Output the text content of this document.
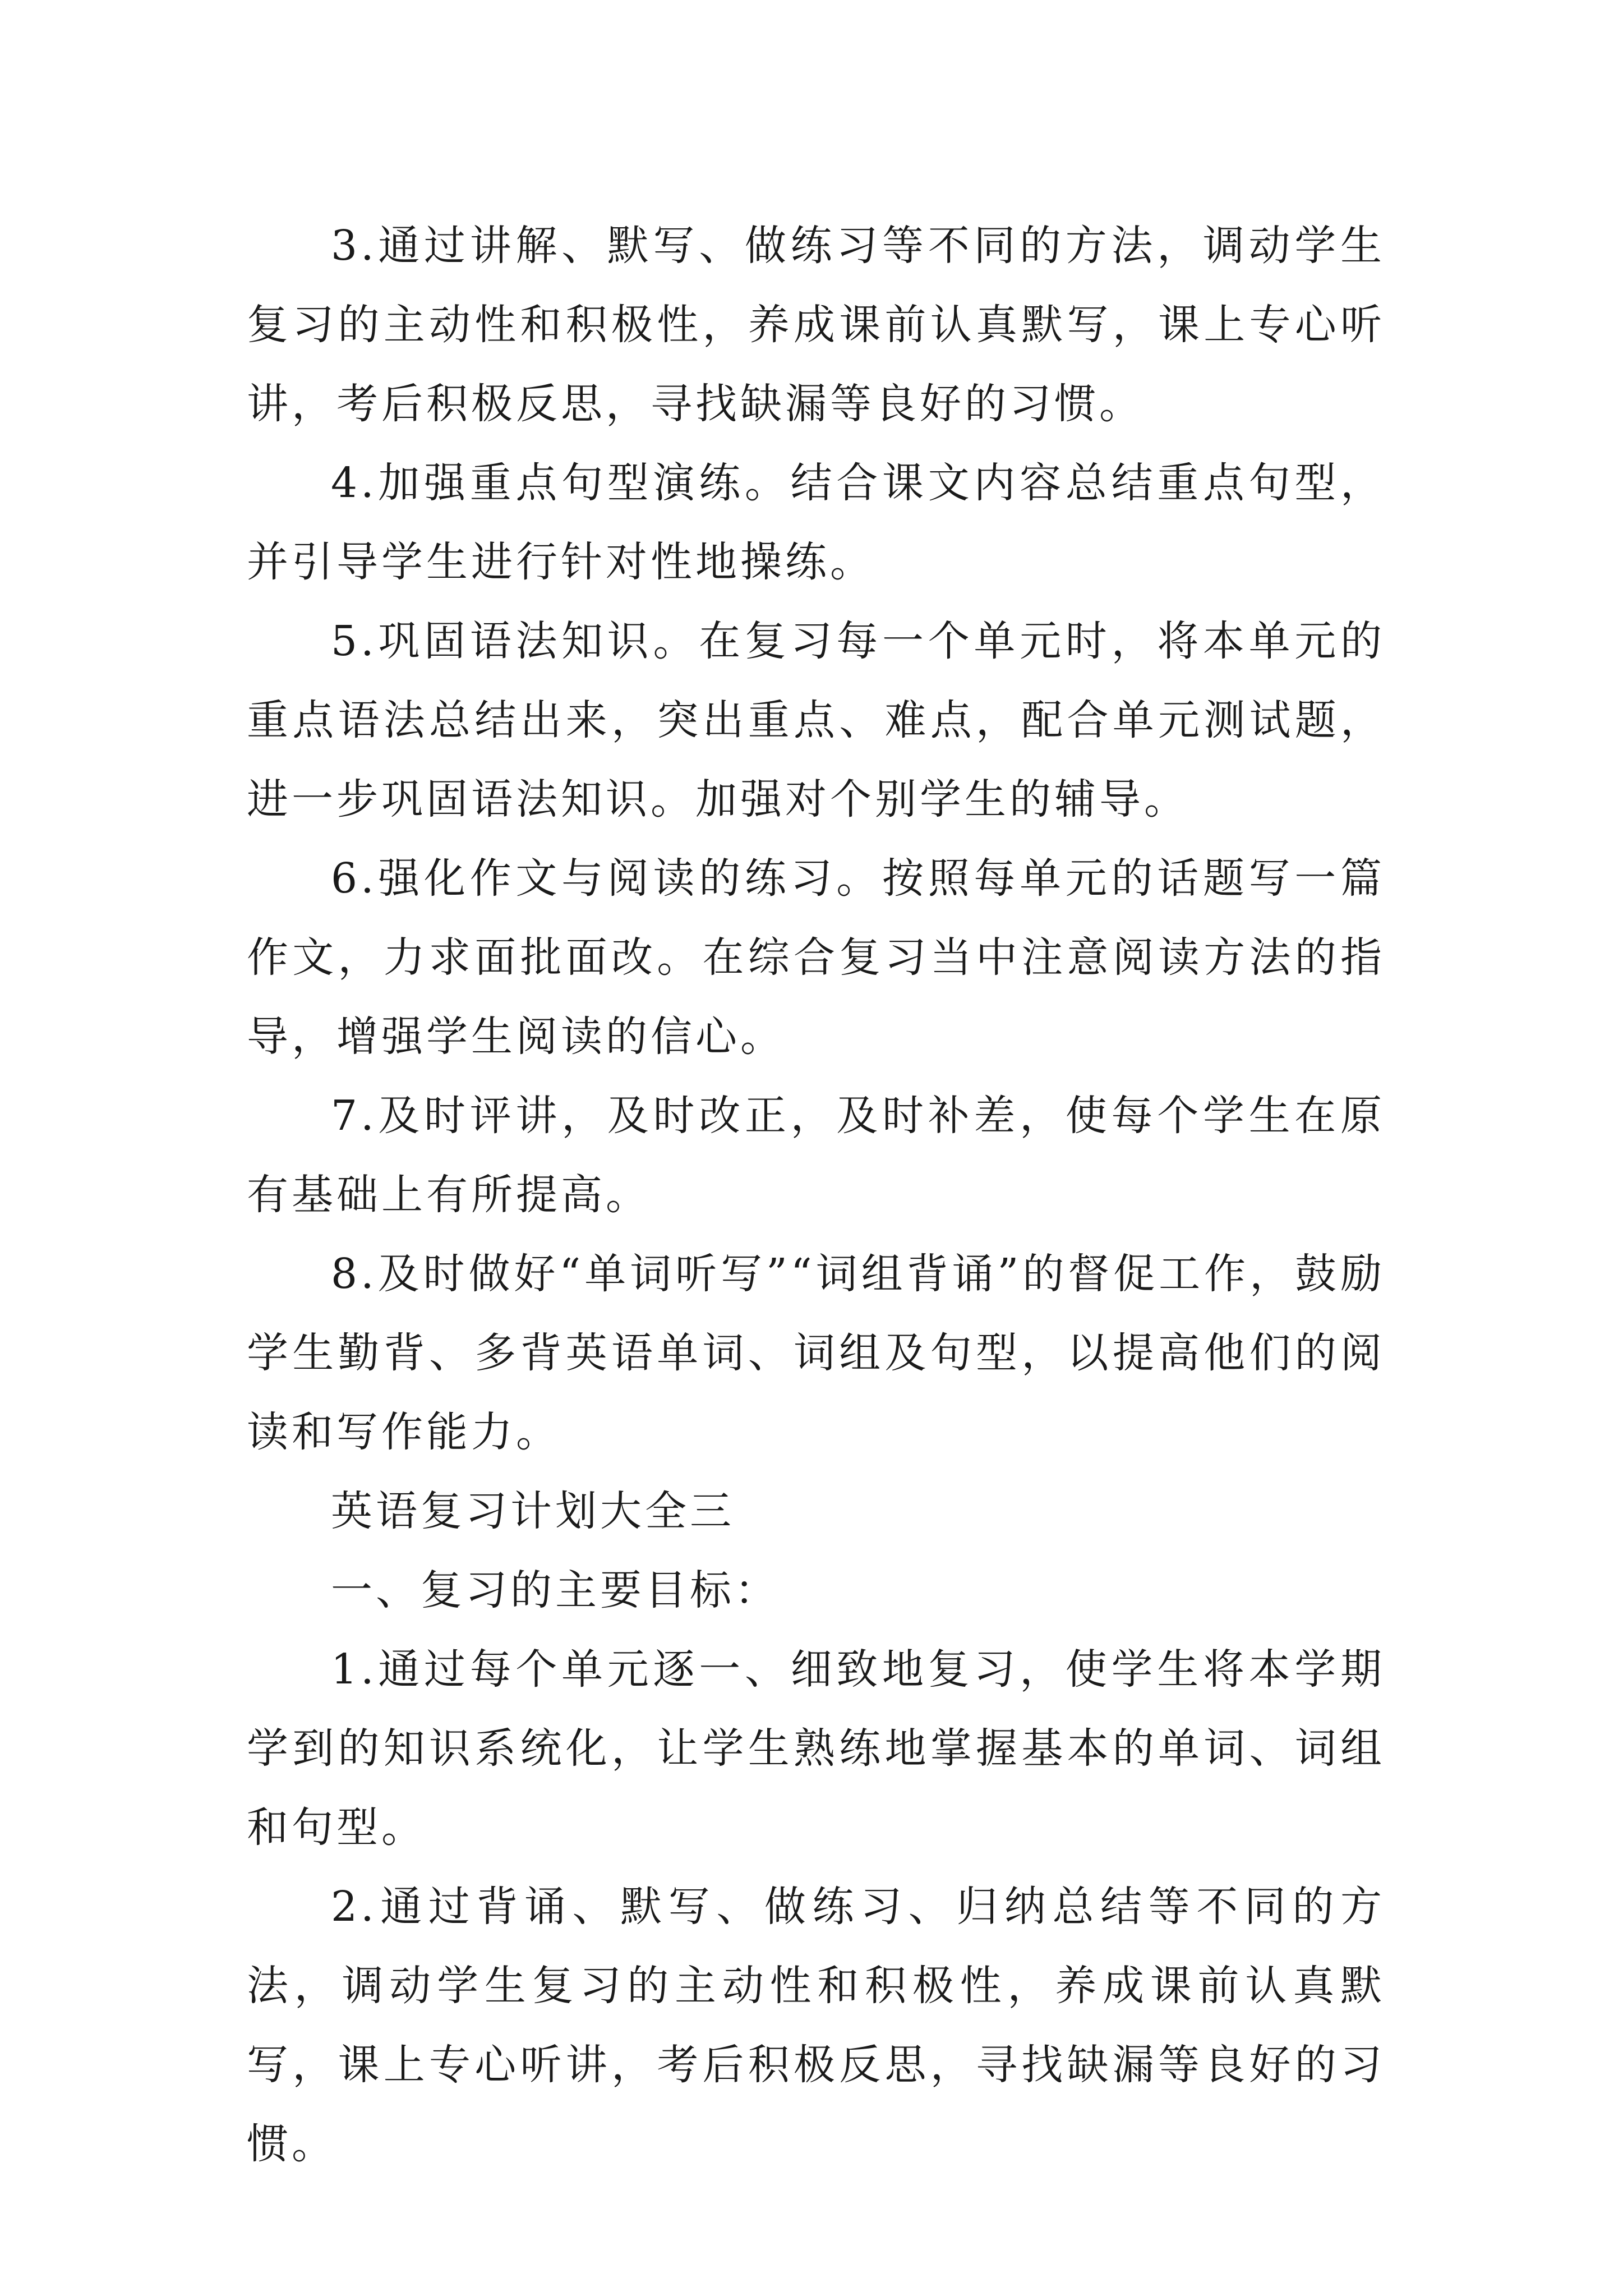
3.通过讲解、默写、做练习等不同的方法，调动学生复习的主动性和积极性，养成课前认真默写，课上专心听讲，考后积极反思，寻找缺漏等良好的习惯。

4.加强重点句型演练。结合课文内容总结重点句型，并引导学生进行针对性地操练。

5.巩固语法知识。在复习每一个单元时，将本单元的重点语法总结出来，突出重点、难点，配合单元测试题，进一步巩固语法知识。加强对个别学生的辅导。

6.强化作文与阅读的练习。按照每单元的话题写一篇作文，力求面批面改。在综合复习当中注意阅读方法的指导，增强学生阅读的信心。

7.及时评讲，及时改正，及时补差，使每个学生在原有基础上有所提高。

8.及时做好“单词听写”“词组背诵”的督促工作，鼓励学生勤背、多背英语单词、词组及句型，以提高他们的阅读和写作能力。

英语复习计划大全三

一、复习的主要目标：

1.通过每个单元逐一、细致地复习，使学生将本学期学到的知识系统化，让学生熟练地掌握基本的单词、词组和句型。

2.通过背诵、默写、做练习、归纳总结等不同的方法，调动学生复习的主动性和积极性，养成课前认真默写，课上专心听讲，考后积极反思，寻找缺漏等良好的习惯。
